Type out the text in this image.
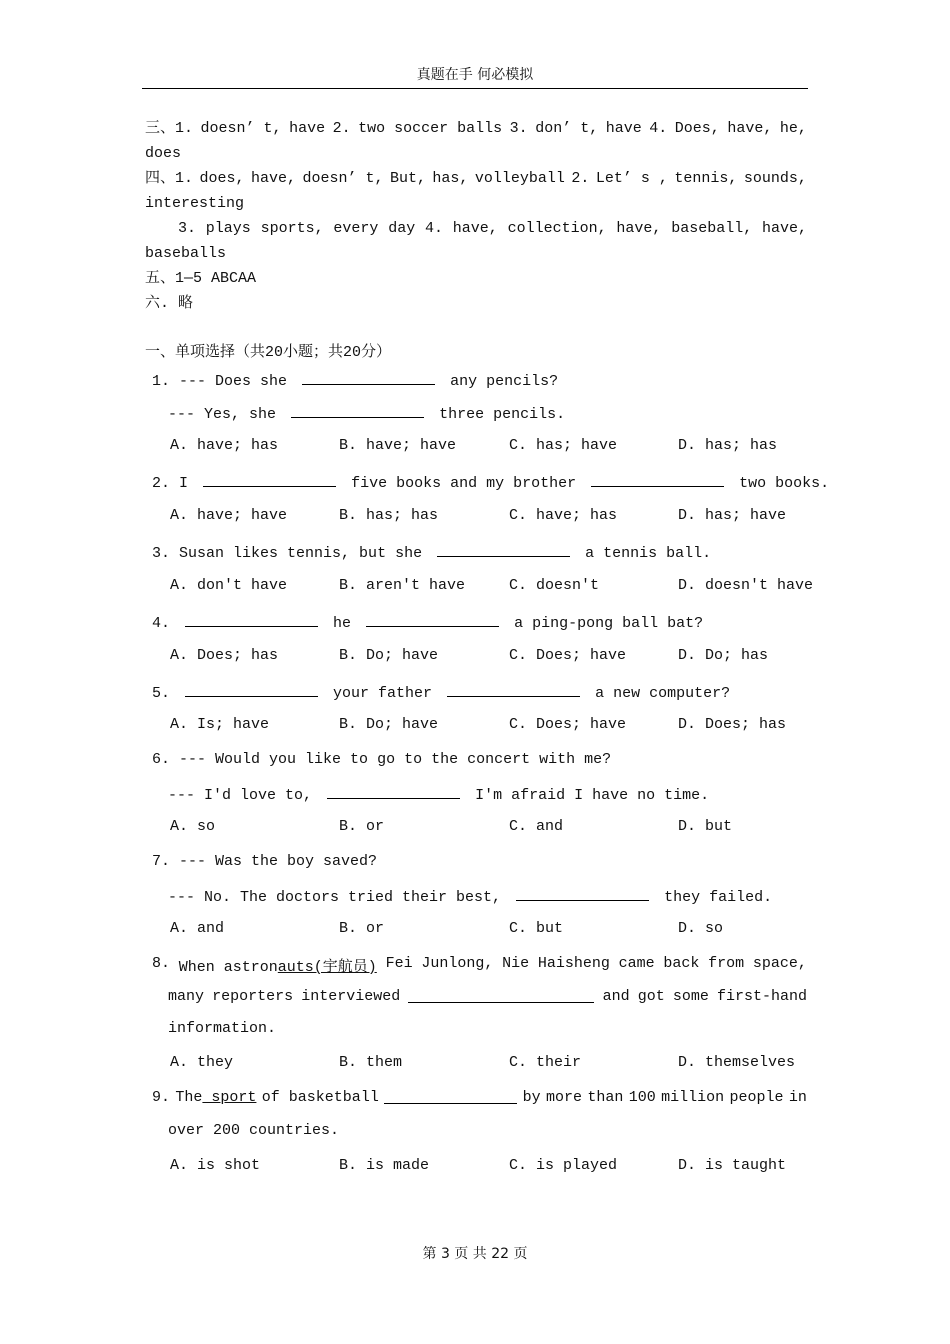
真题在手 何必模拟
三、1. doesn’ t, have 2. two soccer balls 3. don’ t, have 4. Does, have, he,
does
四、1. does, have, doesn’ t, But, has, volleyball 2. Let’ s , tennis, sounds,
interesting
3. plays sports, every day 4. have, collection, have, baseball, have,
baseballs
五、1—5 ABCAA
六. 略
一、单项选择（共20小题；共20分）
1. --- Does she	any pencils?
--- Yes, she	three pencils.
A. have; has	B. have; have	C. has; have	D. has; has
2. I	five books and my brother	two books.
A. have; have	B. has; has	C. have; has	D. has; have
3. Susan likes tennis, but she	a tennis ball.
A. don't have	B. aren't have	C. doesn't	D. doesn't have
4.	he	a ping-pong ball bat?
A. Does; has	B. Do; have	C. Does; have	D. Do; has
5.	your father	a new computer?
A. Is; have	B. Do; have	C. Does; have	D. Does; has
6. --- Would you like to go to the concert with me?
--- I'd love to,	I'm afraid I have no time.
A. so	B. or	C. and	D. but
7. --- Was the boy saved?
--- No. The doctors tried their best,	they failed.
A. and	B. or	C. but	D. so
8. When astronauts(宇航员) Fei Junlong, Nie Haisheng came back from space,
many reporters interviewed	and got some first-hand
information.
A. they	B. them	C. their	D. themselves
9. The sport of basketball	by more than 100 million people in
over 200 countries.
A. is shot	B. is made	C. is played	D. is taught
第 3 页 共 22 页
